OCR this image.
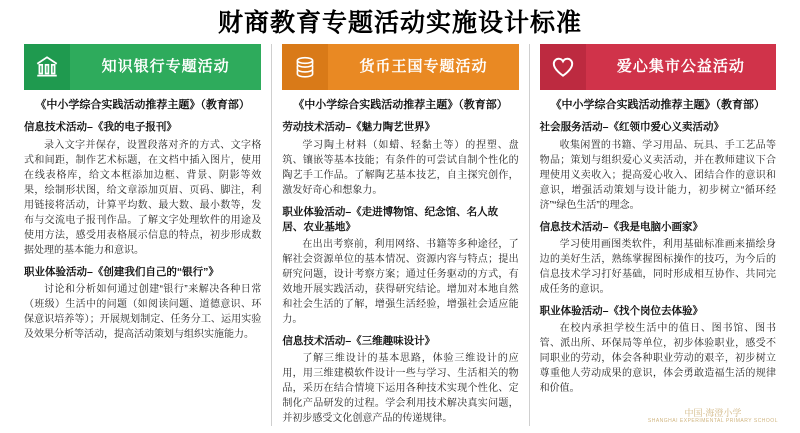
财商教育专题活动实施设计标准
知识银行专题活动
《中小学综合实践活动推荐主题》（教育部）
信息技术活动–《我的电子报刊》
录入文字并保存，设置段落对齐的方式、文字格式和间距，制作艺术标题，在文档中插入图片，使用在线表格库，给文本框添加边框、背景、阴影等效果，绘制形状图，给文章添加页眉、页码、脚注，利用链接将活动，计算平均数、最大数、最小数等，发布与交流电子报刊作品。了解文字处理软件的用途及使用方法，感受用表格展示信息的特点，初步形成数据处理的基本能力和意识。
职业体验活动–《创建我们自己的“银行”》
讨论和分析如何通过创建“银行”来解决各种日常（班级）生活中的问题（如阅读问题、道德意识、环保意识培养等）；开展规划制定、任务分工、运用实验及效果分析等活动，提高活动策划与组织实施能力。
货币王国专题活动
《中小学综合实践活动推荐主题》（教育部）
劳动技术活动–《魅力陶艺世界》
学习陶土材料（如蜡、轻黏土等）的捏塑、盘筑、镶嵌等基本技能；有条件的可尝试自制个性化的陶艺手工作品。了解陶艺基本技艺，自主探究创作，激发好奇心和想象力。
职业体验活动–《走进博物馆、纪念馆、名人故居、农业基地》
在出出考察前，利用网络、书籍等多种途径，了解社会资源单位的基本情况、资源内容与特点；提出研究问题，设计考察方案；通过任务驱动的方式，有效地开展实践活动，获得研究结论。增加对本地自然和社会生活的了解，增强生活经验，增强社会适应能力。
信息技术活动–《三维趣味设计》
了解三维设计的基本思路，体验三维设计的应用，用三维建模软件设计一些与学习、生活相关的物品，采历在结合情境下运用各种技术实现个性化、定制化产品研发的过程。学会利用技术解决真实问题，并初步感受文化创意产品的传递规律。
爱心集市公益活动
《中小学综合实践活动推荐主题》（教育部）
社会服务活动–《红领巾爱心义卖活动》
收集闲置的书籍、学习用品、玩具、手工艺品等物品；策划与组织爱心义卖活动，并在教师建议下合理使用义卖收入；提高爱心收入、团结合作的意识和意识，增强活动策划与设计能力，初步树立“循环经济”“绿色生活”的理念。
信息技术活动–《我是电脑小画家》
学习使用画图类软件，利用基础标准画来描绘身边的美好生活，熟练掌握图标操作的技巧，为今后的信息技术学习打好基础，同时形成相互协作、共同完成任务的意识。
职业体验活动–《找个岗位去体验》
在校内承担学校生活中的值日、图书馆、图书管、派出所、环保局等单位，初步体验职业，感受不同职业的劳动，体会各种职业劳动的艰辛，初步树立尊重他人劳动成果的意识，体会勇敢造福生活的规律和价值。
中国·海澄小学
SHANGHAI EXPERIMENTAL PRIMARY SCHOOL
